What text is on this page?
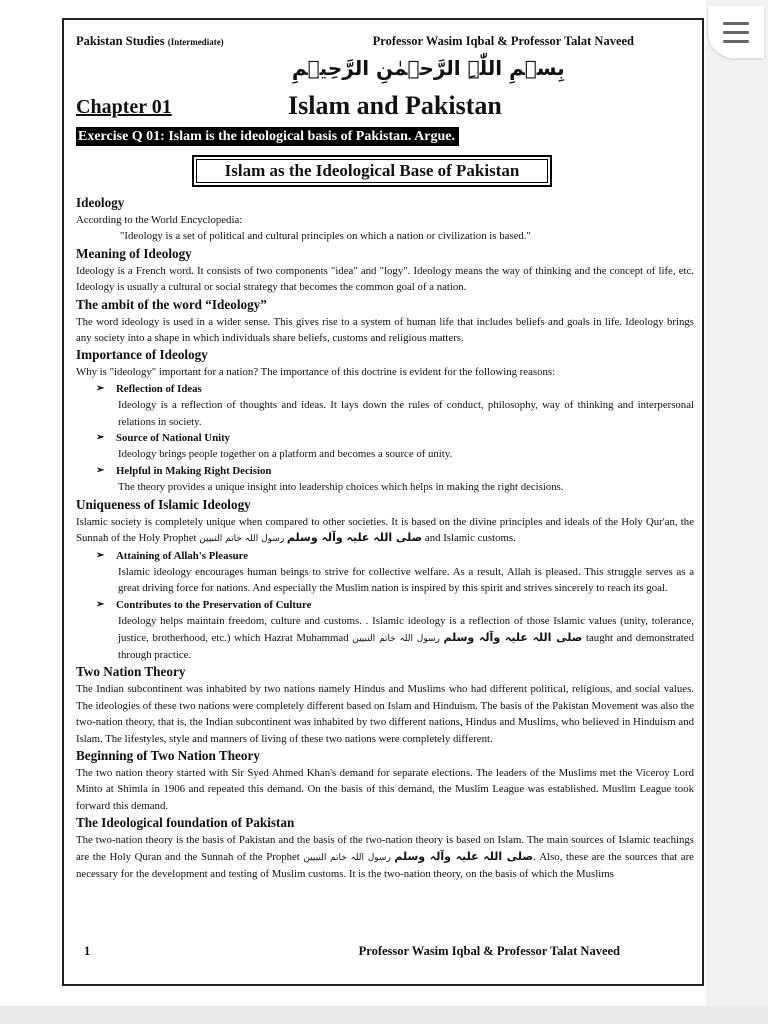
Pakistan Studies (Intermediate)	Professor Wasim Iqbal & Professor Talat Naveed
بِسۡمِ اللّٰہِ الرَّحۡمٰنِ الرَّحِیۡمِ
Chapter 01	Islam and Pakistan
Exercise Q 01: Islam is the ideological basis of Pakistan. Argue.
Islam as the Ideological Base of Pakistan
Ideology

According to the World Encyclopedia:

"Ideology is a set of political and cultural principles on which a nation or civilization is based."

Meaning of Ideology

Ideology is a French word. It consists of two components "idea" and "logy". Ideology means the way of thinking and the concept of life, etc. Ideology is usually a cultural or social strategy that becomes the common goal of a nation.

The ambit of the word “Ideology”

The word ideology is used in a wider sense. This gives rise to a system of human life that includes beliefs and goals in life. Ideology brings any society into a shape in which individuals share beliefs, customs and religious matters.

Importance of Ideology

Why is "ideology" important for a nation? The importance of this doctrine is evident for the following reasons:

➢ Reflection of Ideas

Ideology is a reflection of thoughts and ideas. It lays down the rules of conduct, philosophy, way of thinking and interpersonal relations in society.

➢ Source of National Unity

Ideology brings people together on a platform and becomes a source of unity.

➢ Helpful in Making Right Decision

The theory provides a unique insight into leadership choices which helps in making the right decisions.

Uniqueness of Islamic Ideology

Islamic society is completely unique when compared to other societies. It is based on the divine principles and ideals of the Holy Qur'an, the Sunnah of the Holy Prophet	صلی اللہ علیہ وآلہ وسلم رسول اللہ خاتم النبیین	and Islamic customs.

➢ Attaining of Allah's Pleasure

Islamic ideology encourages human beings to strive for collective welfare. As a result, Allah is pleased. This struggle serves as a great driving force for nations. And especially the Muslim nation is inspired by this spirit and strives sincerely to reach its goal.

➢ Contributes to the Preservation of Culture

Ideology helps maintain freedom, culture and customs. . Islamic ideology is a reflection of those Islamic values (unity, tolerance, justice, brotherhood, etc.) which Hazrat Muhammad	صلی اللہ علیہ وآلہ وسلم رسول اللہ خاتم النبیین	taught and demonstrated through practice.

Two Nation Theory

The Indian subcontinent was inhabited by two nations namely Hindus and Muslims who had different political, religious, and social values. The ideologies of these two nations were completely different based on Islam and Hinduism. The basis of the Pakistan Movement was also the two-nation theory, that is, the Indian subcontinent was inhabited by two different nations, Hindus and Muslims, who believed in Hinduism and Islam. The lifestyles, style and manners of living of these two nations were completely different.

Beginning of Two Nation Theory

The two nation theory started with Sir Syed Ahmed Khan's demand for separate elections. The leaders of the Muslims met the Viceroy Lord Minto at Shimla in 1906 and repeated this demand. On the basis of this demand, the Muslim League was established. Muslim League took forward this demand.

The Ideological foundation of Pakistan

The two-nation theory is the basis of Pakistan and the basis of the two-nation theory is based on Islam. The main sources of Islamic teachings are the Holy Quran and the Sunnah of the Prophet	صلی اللہ علیہ وآلہ وسلم رسول اللہ خاتم النبیین	. Also, these are the sources that are necessary for the development and testing of Muslim customs. It is the two-nation theory, on the basis of which the Muslims

1	Professor Wasim Iqbal & Professor Talat Naveed
